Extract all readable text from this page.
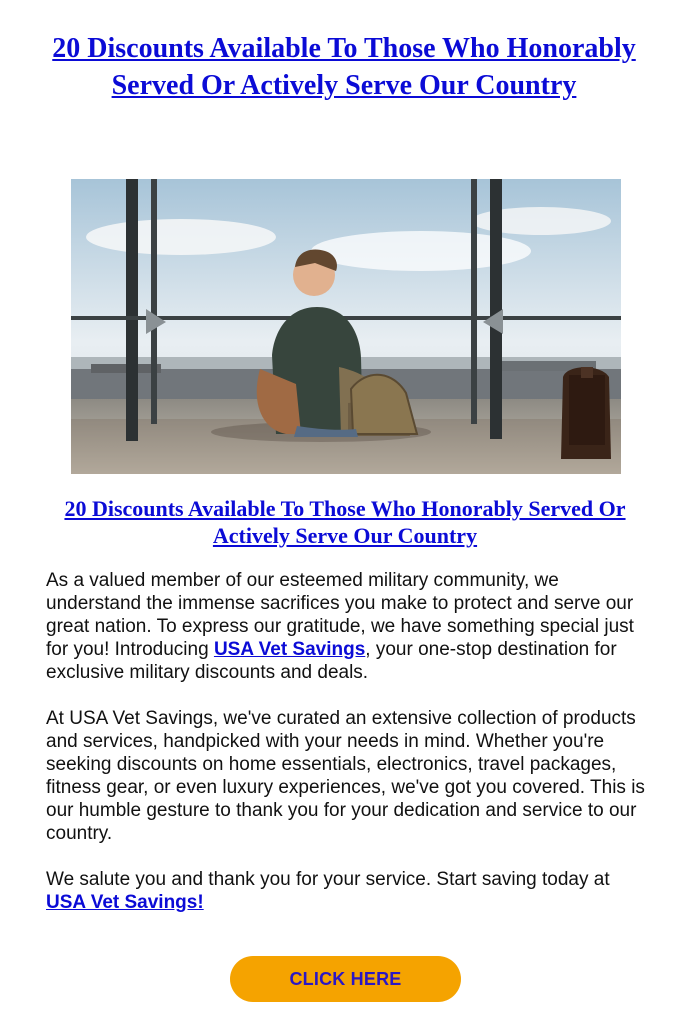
20 Discounts Available To Those Who Honorably Served Or Actively Serve Our Country
20 Discounts Available To Those Who Honorably Served Or Actively Serve Our Country

As a valued member of our esteemed military community, we understand the immense sacrifices you make to protect and serve our great nation. To express our gratitude, we have something special just for you! Introducing USA Vet Savings, your one-stop destination for exclusive military discounts and deals.

At USA Vet Savings, we've curated an extensive collection of products and services, handpicked with your needs in mind. Whether you're seeking discounts on home essentials, electronics, travel packages, fitness gear, or even luxury experiences, we've got you covered. This is our humble gesture to thank you for your dedication and service to our country.

We salute you and thank you for your service. Start saving today at USA Vet Savings!

CLICK HERE
